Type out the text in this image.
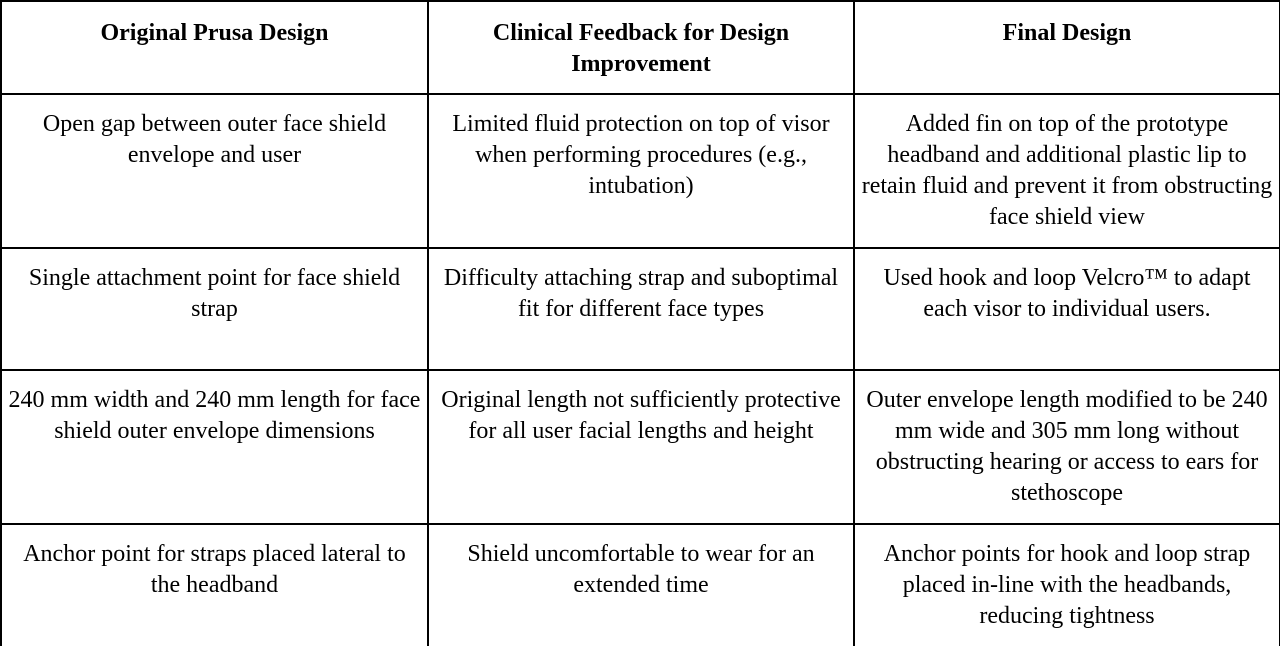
Original Prusa Design	Clinical Feedback for Design Improvement	Final Design
Open gap between outer face shield envelope and user	Limited fluid protection on top of visor when performing procedures (e.g., intubation)	Added fin on top of the prototype headband and additional plastic lip to retain fluid and prevent it from obstructing face shield view
Single attachment point for face shield strap	Difficulty attaching strap and suboptimal fit for different face types	Used hook and loop Velcro™ to adapt each visor to individual users.
240 mm width and 240 mm length for face shield outer envelope dimensions	Original length not sufficiently protective for all user facial lengths and height	Outer envelope length modified to be 240 mm wide and 305 mm long without obstructing hearing or access to ears for stethoscope
Anchor point for straps placed lateral to the headband	Shield uncomfortable to wear for an extended time	Anchor points for hook and loop strap placed in-line with the headbands, reducing tightness
